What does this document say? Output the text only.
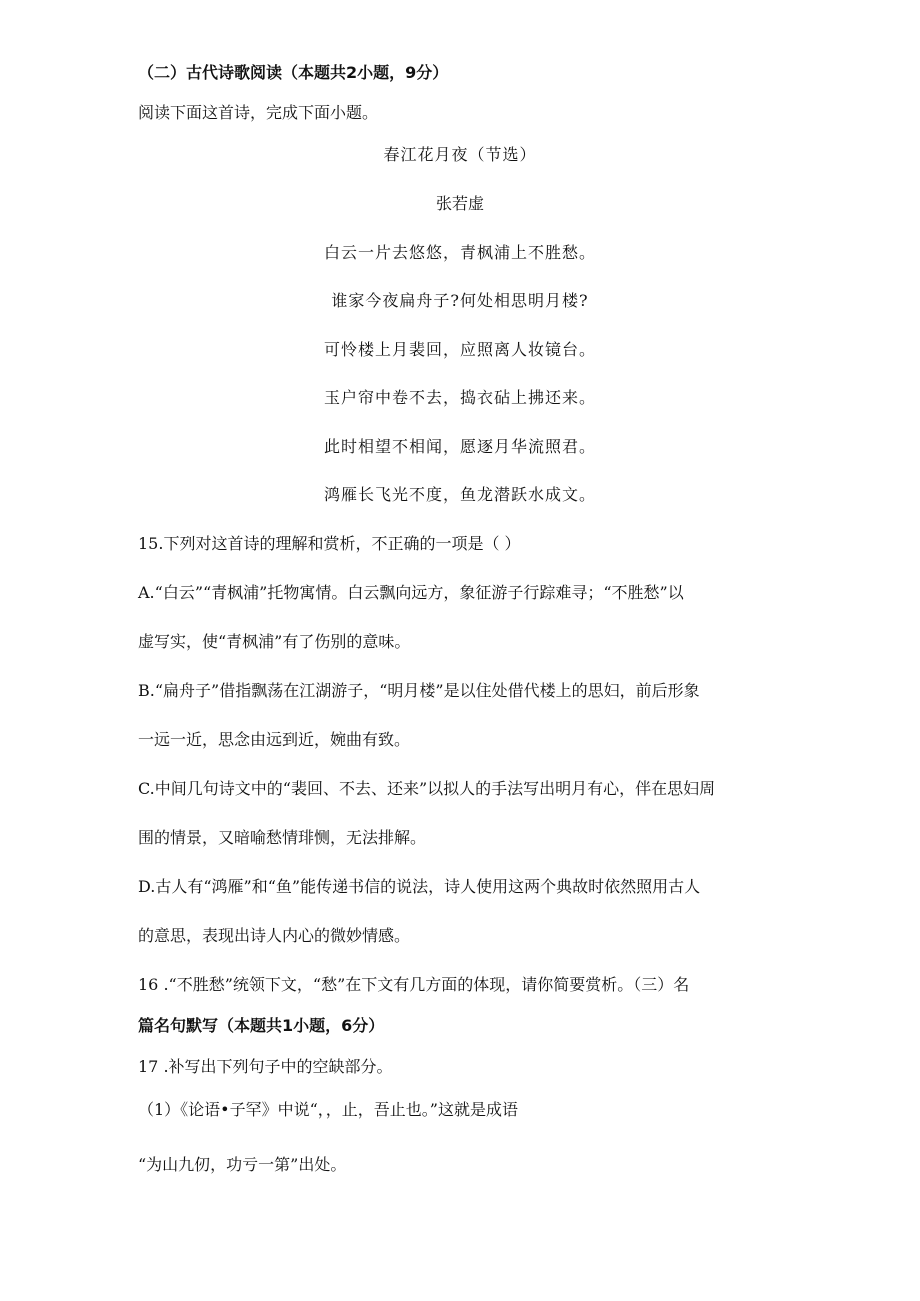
（二）古代诗歌阅读（本题共2小题，9分）
阅读下面这首诗，完成下面小题。
春江花月夜（节选）
张若虚
白云一片去悠悠，青枫浦上不胜愁。
谁家今夜扁舟子?何处相思明月楼?
可怜楼上月裴回，应照离人妆镜台。
玉户帘中卷不去，捣衣砧上拂还来。
此时相望不相闻，愿逐月华流照君。
鸿雁长飞光不度，鱼龙潜跃水成文。
15.下列对这首诗的理解和赏析，不正确的一项是（ ）
A.“白云”“青枫浦”托物寓情。白云飘向远方，象征游子行踪难寻；“不胜愁”以
虚写实，使“青枫浦”有了伤别的意味。
B.“扁舟子”借指飘荡在江湖游子，“明月楼”是以住处借代楼上的思妇，前后形象
一远一近，思念由远到近，婉曲有致。
C.中间几句诗文中的“裴回、不去、还来”以拟人的手法写出明月有心，伴在思妇周
围的情景，又暗喻愁情琲恻，无法排解。
D.古人有“鸿雁”和“鱼”能传递书信的说法，诗人使用这两个典故时依然照用古人
的意思，表现出诗人内心的微妙情感。
16 .“不胜愁”统领下文，“愁”在下文有几方面的体现，请你简要赏析。（三）名
篇名句默写（本题共1小题，6分）
17 .补写出下列句子中的空缺部分。
（1）《论语•子罕》中说“，，止，吾止也。”这就是成语
“为山九仞，功亏一第”出处。
